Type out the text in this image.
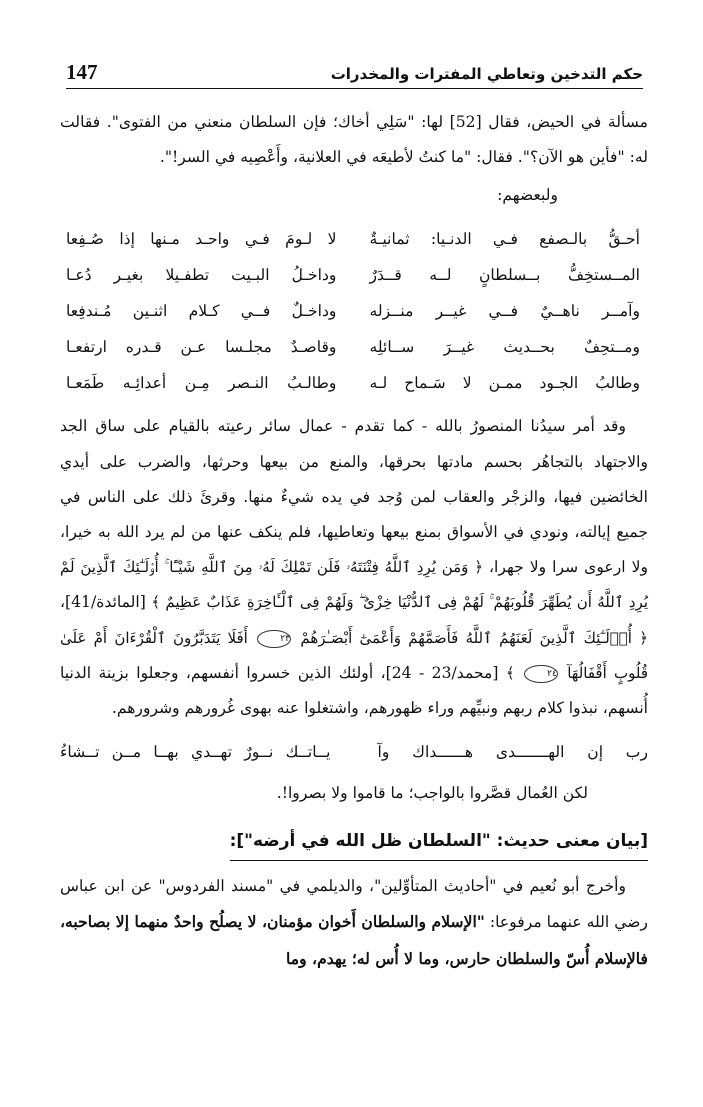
147	حكم التدخين وتعاطي المفترات والمخدرات

مسألة في الحيض، فقال [52] لها: "سَلِي أخاك؛ فإن السلطان منعني من الفتوى". فقالت له: "فأين هو الآن؟". فقال: "ما كنتُ لأطيعَه في العلانية، وأَعْصِيه في السر!".

ولبعضهم:

أحـقُّ بالـصفع فـي الدنـيا: ثمانيـةٌ
لا لـومَ فـي واحـد مـنها إذا صُـفِعا
المــستخِفُّ بــسلطانٍ لــه قــدَرٌ
وداخـلُ البـيت تطفـيلا بغيـر دُعـا
وآمــر ناهــيٌ فــي غيــر منــزله
وداخـلٌ فــي كـلام اثنـين مُـندفِعا
ومــتحِفٌ بحــديث غيــرَ ســائلِه
وقاصـدٌ مجلـسا عـن قـدره ارتفعـا
وطالبُ الجـود ممـن لا سَـماح لـه
وطالـبُ النـصر مِـن أعدائِـه طَمَعـا

وقد أمر سيدُنا المنصورُ بالله - كما تقدم - عمال سائر رعيته بالقيام على ساق الجد والاجتهاد بالتجاهُر بحسم مادتها بحرقها، والمنع من بيعها وحرثها، والضرب على أيدي الخائضين فيها، والزجْر والعقاب لمن وُجد في يده شيءٌ منها. وقرئَ ذلك على الناس في جميع إيالته، ونودي في الأسواق بمنع بيعها وتعاطيها، فلم ينكف عنها من لم يرد الله به خيرا، ولا ارعوى سرا ولا جهرا، ﴿ وَمَن يُرِدِ ٱللَّهُ فِتْنَتَهُۥ فَلَن تَمْلِكَ لَهُۥ مِنَ ٱللَّهِ شَيْـًٔا ۚ أُو۟لَـٰٓئِكَ ٱلَّذِينَ لَمْ يُرِدِ ٱللَّهُ أَن يُطَهِّرَ قُلُوبَهُمْ ۚ لَهُمْ فِى ٱلدُّنْيَا خِزْىٌ ۖ وَلَهُمْ فِى ٱلْـَٔاخِرَةِ عَذَابٌ عَظِيمٌ ﴾ [المائدة/41]، ﴿ أُو۟لَـٰٓئِكَ ٱلَّذِينَ لَعَنَهُمُ ٱللَّهُ فَأَصَمَّهُمْ وَأَعْمَىٰٓ أَبْصَـٰرَهُمْ ٢٣ أَفَلَا يَتَدَبَّرُونَ ٱلْقُرْءَانَ أَمْ عَلَىٰ قُلُوبٍ أَقْفَالُهَآ ٢٤ ﴾ [محمد/23 - 24]، أولئك الذين خسروا أنفسهم، وجعلوا بزينة الدنيا أُنسهم، نبذوا كلام ربهم ونبيِّهم وراء ظهورهم، واشتغلوا عنه بهوى غُرورهم وشرورهم.

رب إن الهـــــــدى هــــــداك وآ
يــاتــك نــورٌ تهــدي بهــا مــن تــشاءُ

لكن العُمال قصَّروا بالواجب؛ ما قاموا ولا بصروا!.

[بيان معنى حديث: "السلطان ظل الله في أرضه"]:

وأخرج أبو نُعيم في "أحاديث المتأوِّلين"، والديلمي في "مسند الفردوس" عن ابن عباس رضي الله عنهما مرفوعا: "الإسلام والسلطان أَخوان مؤمنان، لا يصلُح واحدٌ منهما إلا بصاحبه، فالإسلام أُسّ والسلطان حارس، وما لا أُس له؛ يهدم، وما
